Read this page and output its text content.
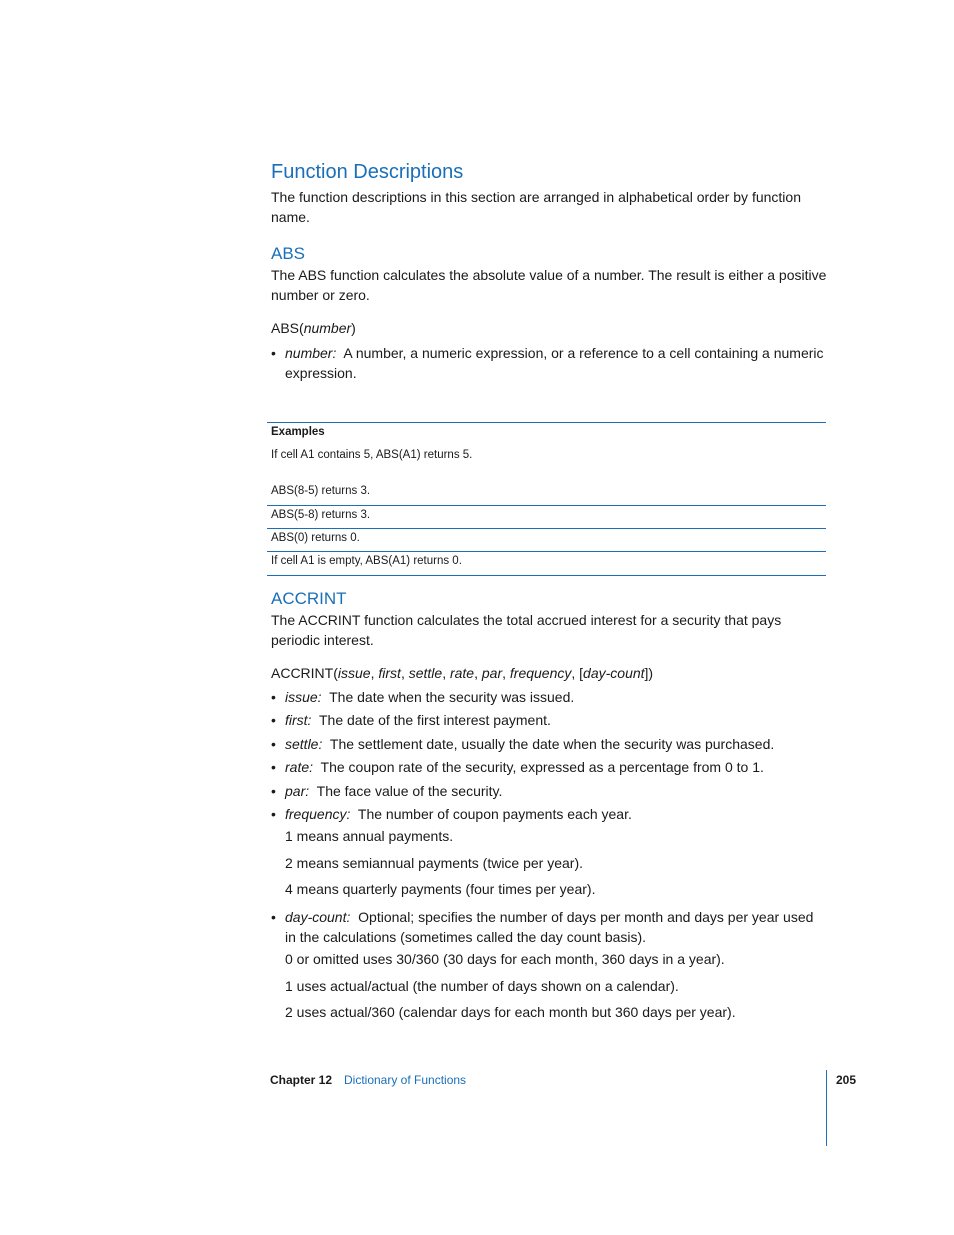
Function Descriptions
The function descriptions in this section are arranged in alphabetical order by function name.
ABS
The ABS function calculates the absolute value of a number. The result is either a positive number or zero.
ABS(number)
• number: A number, a numeric expression, or a reference to a cell containing a numeric expression.
Examples
If cell A1 contains 5, ABS(A1) returns 5.
ABS(8-5) returns 3.
ABS(5-8) returns 3.
ABS(0) returns 0.
If cell A1 is empty, ABS(A1) returns 0.
ACCRINT
The ACCRINT function calculates the total accrued interest for a security that pays periodic interest.
ACCRINT(issue, first, settle, rate, par, frequency, [day-count])
• issue: The date when the security was issued.
• first: The date of the first interest payment.
• settle: The settlement date, usually the date when the security was purchased.
• rate: The coupon rate of the security, expressed as a percentage from 0 to 1.
• par: The face value of the security.
• frequency: The number of coupon payments each year.
1 means annual payments.
2 means semiannual payments (twice per year).
4 means quarterly payments (four times per year).
• day-count: Optional; specifies the number of days per month and days per year used in the calculations (sometimes called the day count basis).
0 or omitted uses 30/360 (30 days for each month, 360 days in a year).
1 uses actual/actual (the number of days shown on a calendar).
2 uses actual/360 (calendar days for each month but 360 days per year).
Chapter 12 Dictionary of Functions	205
